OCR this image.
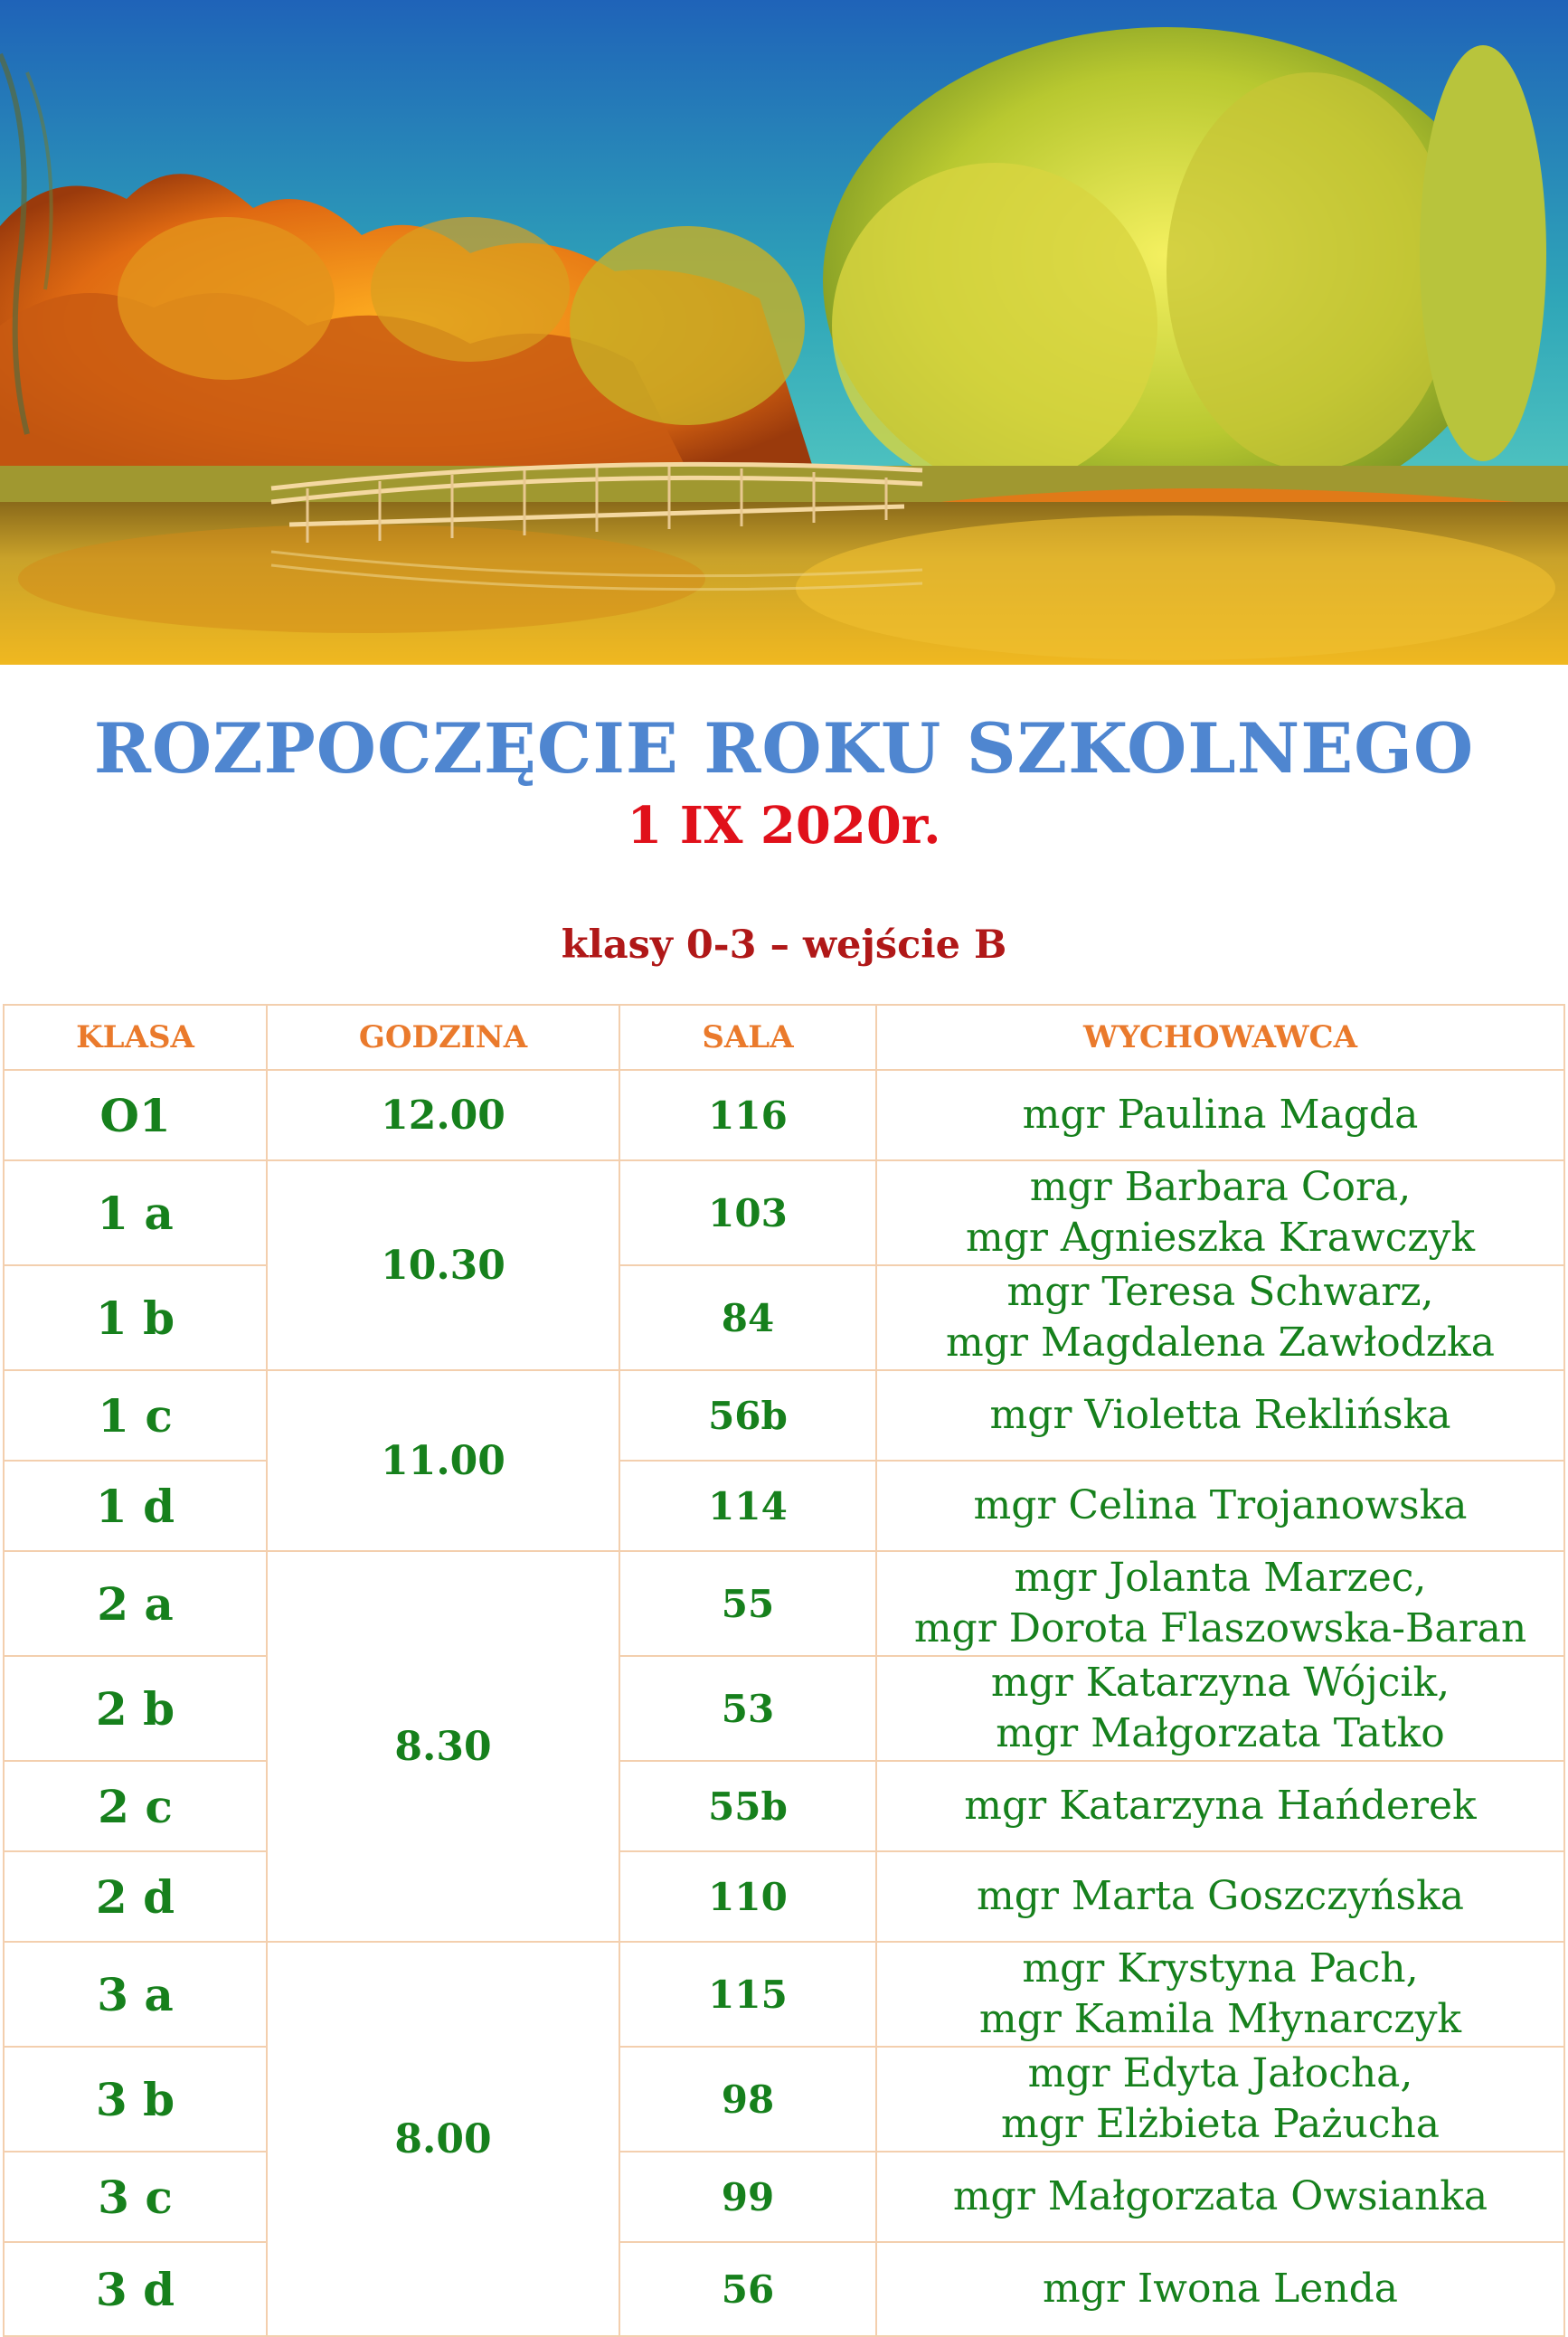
ROZPOCZĘCIE ROKU SZKOLNEGO
1 IX 2020r.
klasy 0-3 – wejście B
KLASA	GODZINA	SALA	WYCHOWAWCA
O1	12.00	116	mgr Paulina Magda

1 a	10.30	103	mgr Barbara Cora,
mgr Agnieszka Krawczyk

1 b		84	mgr Teresa Schwarz,
mgr Magdalena Zawłodzka

1 c	11.00	56b	mgr Violetta Reklińska

1 d		114	mgr Celina Trojanowska

2 a	8.30	55	mgr Jolanta Marzec,
mgr Dorota Flaszowska-Baran

2 b		53	mgr Katarzyna Wójcik,
mgr Małgorzata Tatko

2 c		55b	mgr Katarzyna Hańderek

2 d		110	mgr Marta Goszczyńska

3 a	8.00	115	mgr Krystyna Pach,
mgr Kamila Młynarczyk

3 b		98	mgr Edyta Jałocha,
mgr Elżbieta Pażucha

3 c		99	mgr Małgorzata Owsianka

3 d		56	mgr Iwona Lenda
